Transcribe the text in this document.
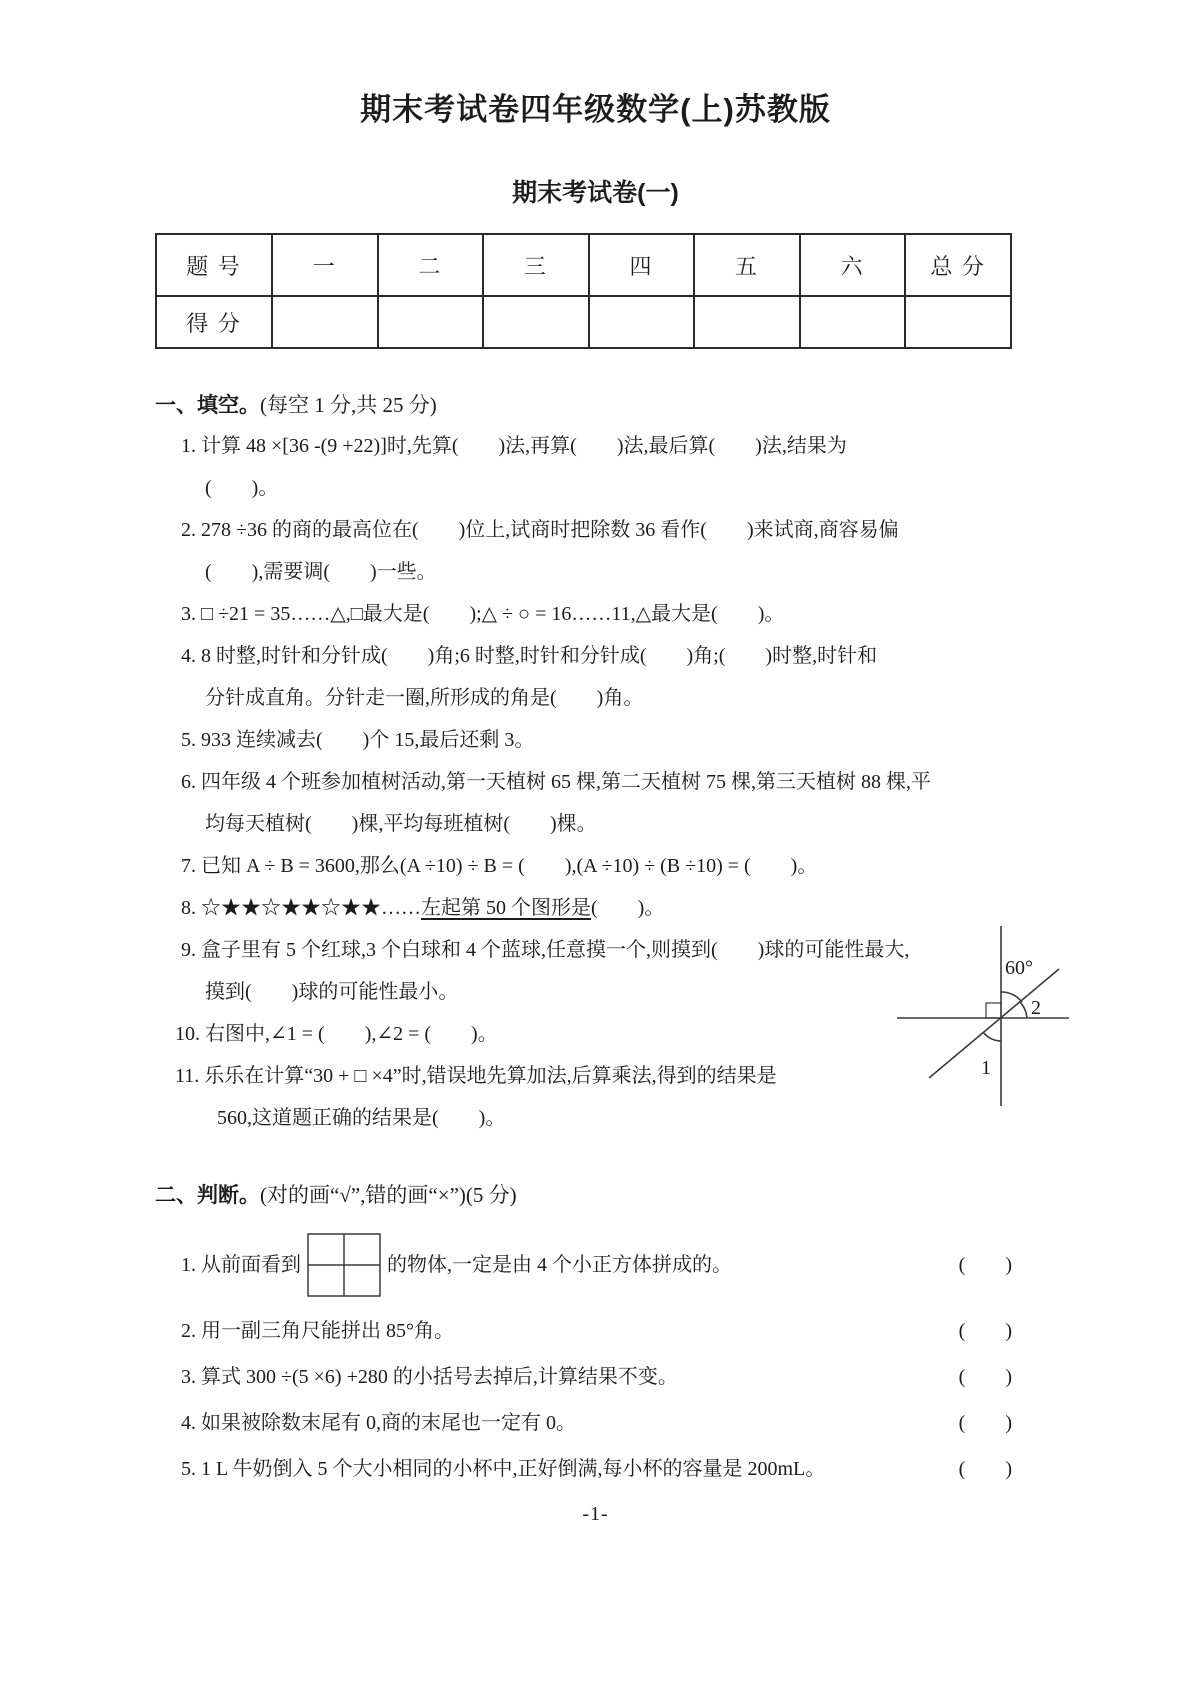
期末考试卷四年级数学(上)苏教版
期末考试卷(一)
题 号	一	二	三	四	五	六	总 分
得 分							
一、填空。(每空 1 分,共 25 分)
1. 计算 48 ×[36 -(9 +22)]时,先算(        )法,再算(        )法,最后算(        )法,结果为
(        )。
2. 278 ÷36 的商的最高位在(        )位上,试商时把除数 36 看作(        )来试商,商容易偏
(        ),需要调(        )一些。
3. □ ÷21 = 35……△,□最大是(        );△ ÷ ○ = 16……11,△最大是(        )。
4. 8 时整,时针和分针成(        )角;6 时整,时针和分针成(        )角;(        )时整,时针和
分针成直角。分针走一圈,所形成的角是(        )角。
5. 933 连续减去(        )个 15,最后还剩 3。
6. 四年级 4 个班参加植树活动,第一天植树 65 棵,第二天植树 75 棵,第三天植树 88 棵,平
均每天植树(        )棵,平均每班植树(        )棵。
7. 已知 A ÷ B = 3600,那么(A ÷10) ÷ B = (        ),(A ÷10) ÷ (B ÷10) = (        )。
8. ☆★★☆★★☆★★……左起第 50 个图形是(        )。
9. 盒子里有 5 个红球,3 个白球和 4 个蓝球,任意摸一个,则摸到(        )球的可能性最大,
摸到(        )球的可能性最小。
10. 右图中,∠1 = (        ),∠2 = (        )。
11. 乐乐在计算“30 + □ ×4”时,错误地先算加法,后算乘法,得到的结果是
560,这道题正确的结果是(        )。
60°
2
1
二、判断。(对的画“√”,错的画“×”)(5 分)
1. 从前面看到	的物体,一定是由 4 个小正方体拼成的。	(        )
2. 用一副三角尺能拼出 85°角。	(        )
3. 算式 300 ÷(5 ×6) +280 的小括号去掉后,计算结果不变。	(        )
4. 如果被除数末尾有 0,商的末尾也一定有 0。	(        )
5. 1 L 牛奶倒入 5 个大小相同的小杯中,正好倒满,每小杯的容量是 200mL。	(        )
-1-
